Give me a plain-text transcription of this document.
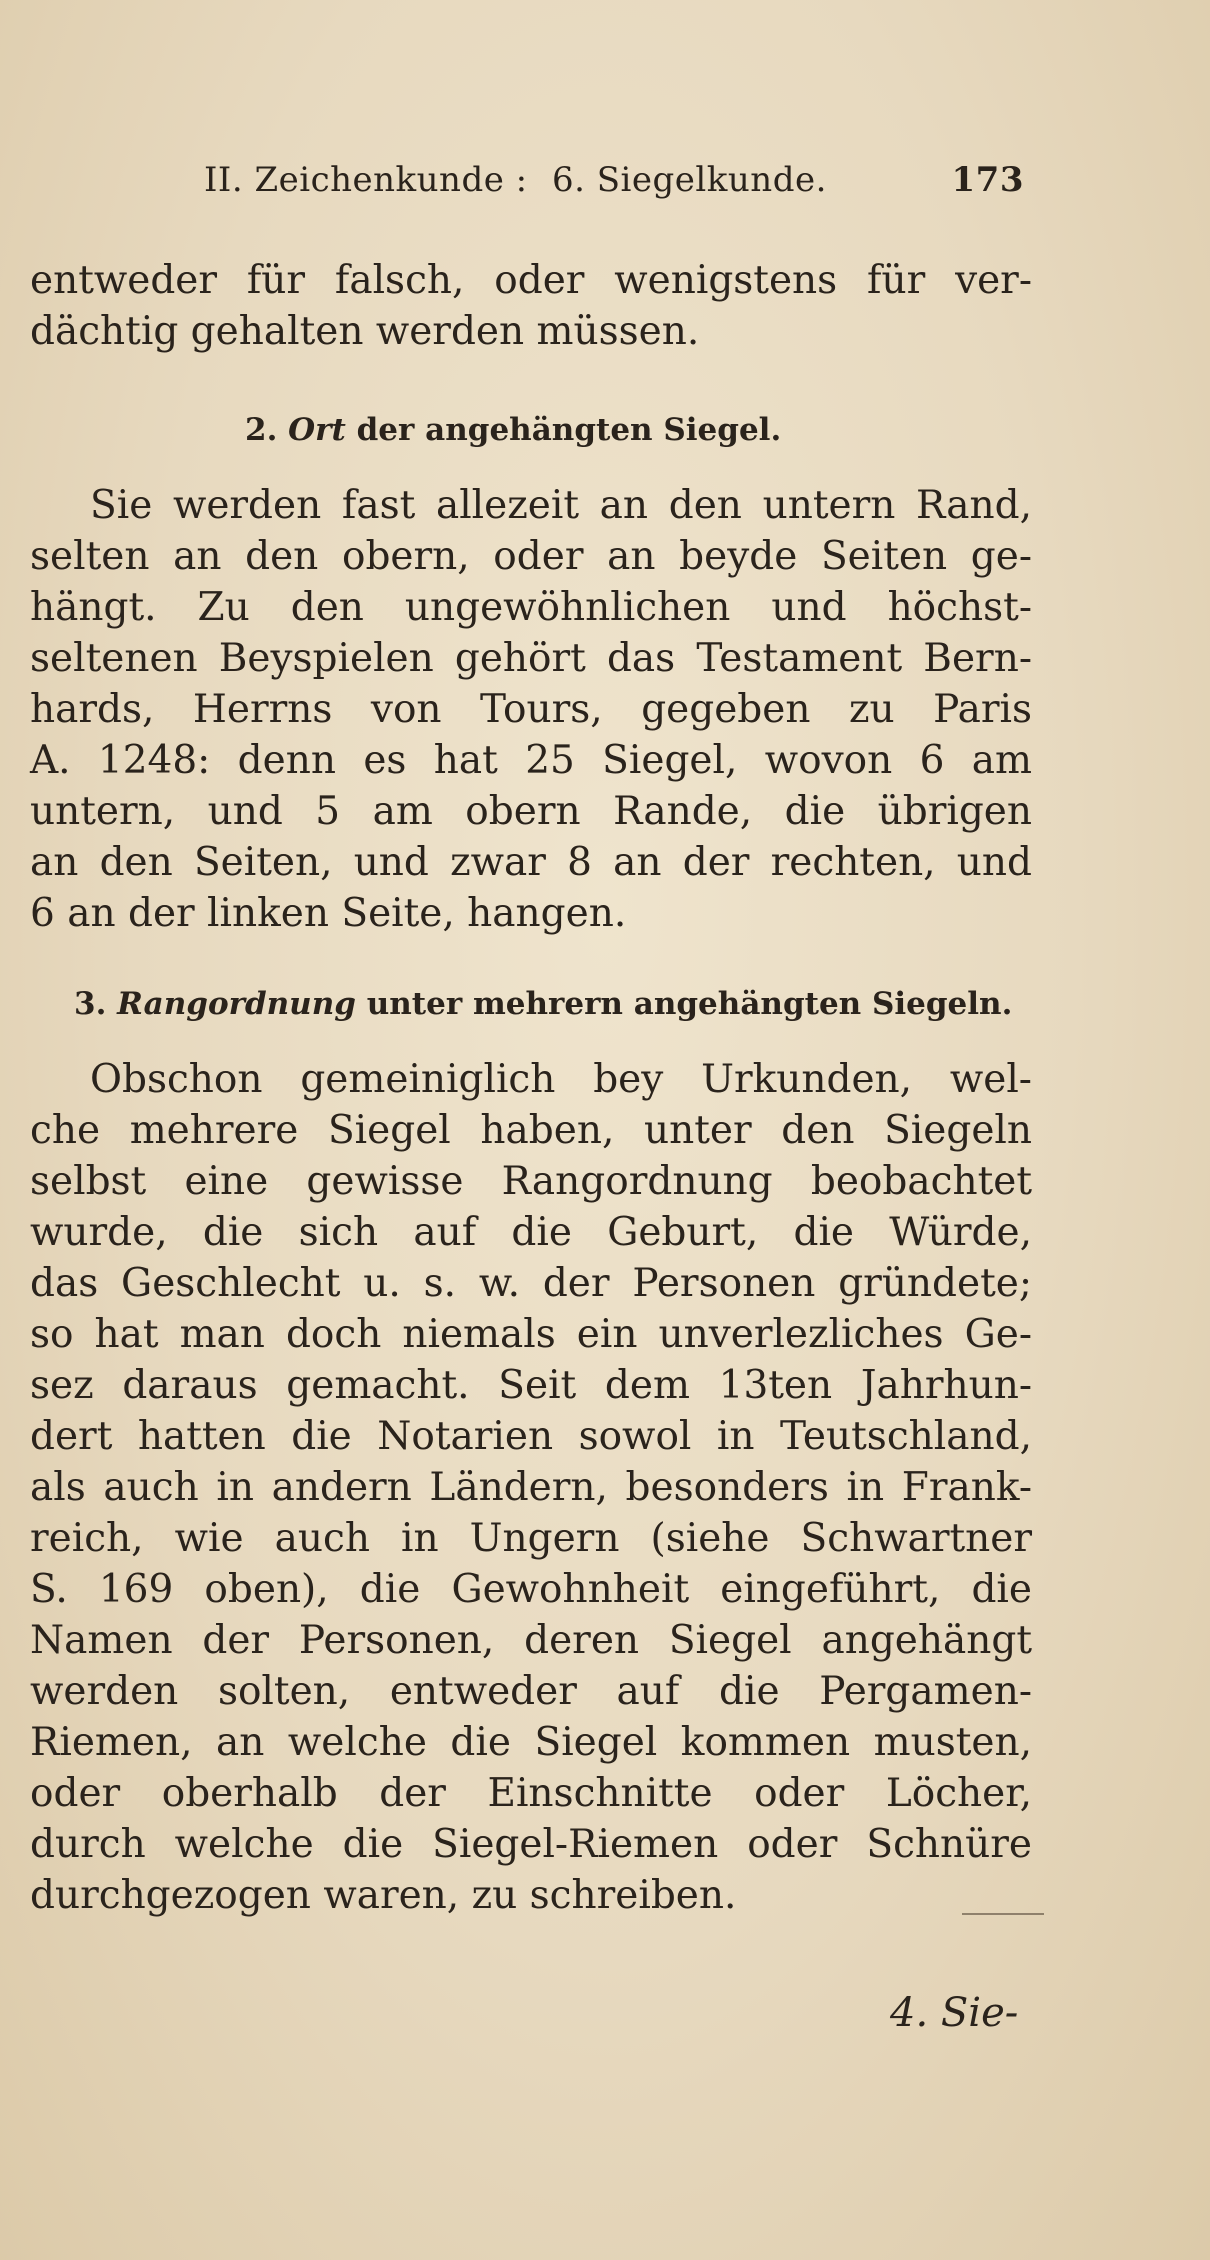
II. Zeichenkunde : 6. Siegelkunde.	173
entweder für falsch, oder wenigstens für ver-
dächtig gehalten werden müssen.
2. Ort der angehängten Siegel.
Sie werden fast allezeit an den untern Rand,
selten an den obern, oder an beyde Seiten ge-
hängt. Zu den ungewöhnlichen und höchst-
seltenen Beyspielen gehört das Testament Bern-
hards, Herrns von Tours, gegeben zu Paris
A. 1248: denn es hat 25 Siegel, wovon 6 am
untern, und 5 am obern Rande, die übrigen
an den Seiten, und zwar 8 an der rechten, und
6 an der linken Seite, hangen.
3. Rangordnung unter mehrern angehängten Siegeln.
Obschon gemeiniglich bey Urkunden, wel-
che mehrere Siegel haben, unter den Siegeln
selbst eine gewisse Rangordnung beobachtet
wurde, die sich auf die Geburt, die Würde,
das Geschlecht u. s. w. der Personen gründete;
so hat man doch niemals ein unverlezliches Ge-
sez daraus gemacht. Seit dem 13ten Jahrhun-
dert hatten die Notarien sowol in Teutschland,
als auch in andern Ländern, besonders in Frank-
reich, wie auch in Ungern (siehe Schwartner
S. 169 oben), die Gewohnheit eingeführt, die
Namen der Personen, deren Siegel angehängt
werden solten, entweder auf die Pergamen-
Riemen, an welche die Siegel kommen musten,
oder oberhalb der Einschnitte oder Löcher,
durch welche die Siegel-Riemen oder Schnüre
durchgezogen waren, zu schreiben.
4. Sie-
